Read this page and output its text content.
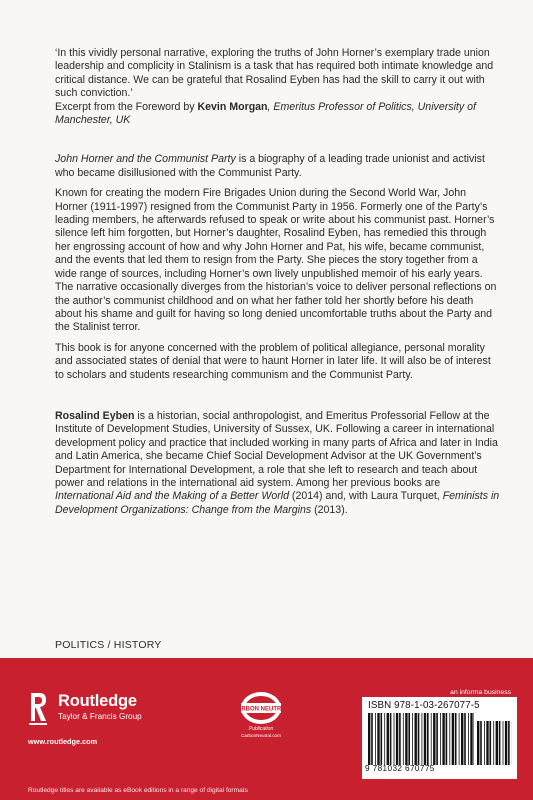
‘In this vividly personal narrative, exploring the truths of John Horner’s exemplary trade union leadership and complicity in Stalinism is a task that has required both intimate knowledge and critical distance. We can be grateful that Rosalind Eyben has had the skill to carry it out with such conviction.’

Excerpt from the Foreword by Kevin Morgan, Emeritus Professor of Politics, University of Manchester, UK

John Horner and the Communist Party is a biography of a leading trade unionist and activist who became disillusioned with the Communist Party.

Known for creating the modern Fire Brigades Union during the Second World War, John Horner (1911-1997) resigned from the Communist Party in 1956. Formerly one of the Party’s leading members, he afterwards refused to speak or write about his communist past. Horner’s silence left him forgotten, but Horner’s daughter, Rosalind Eyben, has remedied this through her engrossing account of how and why John Horner and Pat, his wife, became communist, and the events that led them to resign from the Party. She pieces the story together from a wide range of sources, including Horner’s own lively unpublished memoir of his early years. The narrative occasionally diverges from the historian’s voice to deliver personal reflections on the author’s communist childhood and on what her father told her shortly before his death about his shame and guilt for having so long denied uncomfortable truths about the Party and the Stalinist terror.

This book is for anyone concerned with the problem of political allegiance, personal morality and associated states of denial that were to haunt Horner in later life. It will also be of interest to scholars and students researching communism and the Communist Party.

Rosalind Eyben is a historian, social anthropologist, and Emeritus Professorial Fellow at the Institute of Development Studies, University of Sussex, UK. Following a career in international development policy and practice that included working in many parts of Africa and later in India and Latin America, she became Chief Social Development Advisor at the UK Government’s Department for International Development, a role that she left to research and teach about power and relations in the international aid system. Among her previous books are International Aid and the Making of a Better World (2014) and, with Laura Turquet, Feminists in Development Organizations: Change from the Margins (2013).

POLITICS / HISTORY
an informa business
Routledge
Taylor & Francis Group
www.routledge.com
CARBON NEUTRAL
Publication
CarbonNeutral.com
ISBN 978-1-03-267077-5
9 781032 670775
Routledge titles are available as eBook editions in a range of digital formats
